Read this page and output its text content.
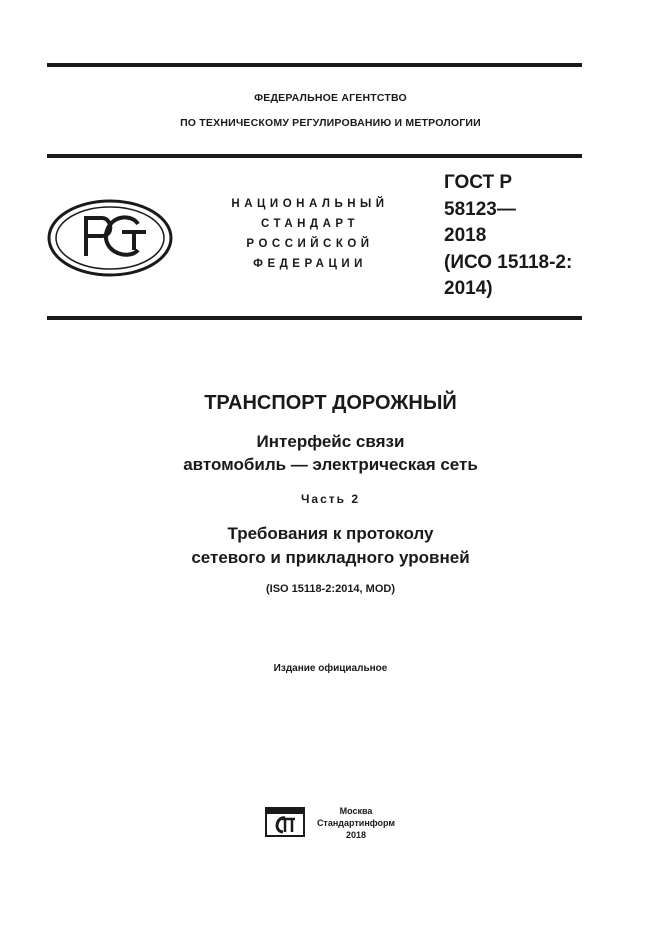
ФЕДЕРАЛЬНОЕ АГЕНТСТВО
ПО ТЕХНИЧЕСКОМУ РЕГУЛИРОВАНИЮ И МЕТРОЛОГИИ
НАЦИОНАЛЬНЫЙ
СТАНДАРТ
РОССИЙСКОЙ
ФЕДЕРАЦИИ
ГОСТ Р
58123—
2018
(ИСО 15118-2:
2014)
ТРАНСПОРТ ДОРОЖНЫЙ
Интерфейс связи
автомобиль — электрическая сеть
Часть 2
Требования к протоколу
сетевого и прикладного уровней
(ISO 15118-2:2014, MOD)
Издание официальное
Москва
Стандартинформ
2018
